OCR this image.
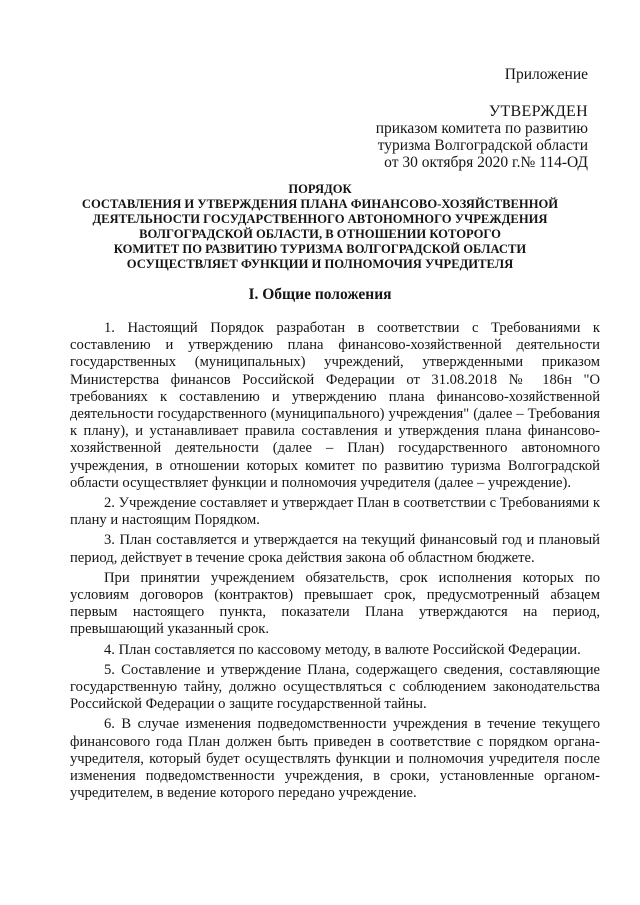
Приложение
УТВЕРЖДЕН
приказом комитета по развитию
туризма Волгоградской области
от 30 октября 2020 г.№ 114-ОД
ПОРЯДОК
СОСТАВЛЕНИЯ И УТВЕРЖДЕНИЯ ПЛАНА ФИНАНСОВО-ХОЗЯЙСТВЕННОЙ
ДЕЯТЕЛЬНОСТИ ГОСУДАРСТВЕННОГО АВТОНОМНОГО УЧРЕЖДЕНИЯ
ВОЛГОГРАДСКОЙ ОБЛАСТИ, В ОТНОШЕНИИ КОТОРОГО
КОМИТЕТ ПО РАЗВИТИЮ ТУРИЗМА ВОЛГОГРАДСКОЙ ОБЛАСТИ
ОСУЩЕСТВЛЯЕТ ФУНКЦИИ И ПОЛНОМОЧИЯ УЧРЕДИТЕЛЯ
I. Общие положения

1. Настоящий Порядок разработан в соответствии с Требованиями к составлению и утверждению плана финансово-хозяйственной деятельности государственных (муниципальных) учреждений, утвержденными приказом Министерства финансов Российской Федерации от 31.08.2018 № 186н "О требованиях к составлению и утверждению плана финансово-хозяйственной деятельности государственного (муниципального) учреждения" (далее – Требования к плану), и устанавливает правила составления и утверждения плана финансово-хозяйственной деятельности (далее – План) государственного автономного учреждения, в отношении которых комитет по развитию туризма Волгоградской области осуществляет функции и полномочия учредителя (далее – учреждение).

2. Учреждение составляет и утверждает План в соответствии с Требованиями к плану и настоящим Порядком.

3. План составляется и утверждается на текущий финансовый год и плановый период, действует в течение срока действия закона об областном бюджете.

При принятии учреждением обязательств, срок исполнения которых по условиям договоров (контрактов) превышает срок, предусмотренный абзацем первым настоящего пункта, показатели Плана утверждаются на период, превышающий указанный срок.

4. План составляется по кассовому методу, в валюте Российской Федерации.

5. Составление и утверждение Плана, содержащего сведения, составляющие государственную тайну, должно осуществляться с соблюдением законодательства Российской Федерации о защите государственной тайны.

6. В случае изменения подведомственности учреждения в течение текущего финансового года План должен быть приведен в соответствие с порядком органа-учредителя, который будет осуществлять функции и полномочия учредителя после изменения подведомственности учреждения, в сроки, установленные органом-учредителем, в ведение которого передано учреждение.
